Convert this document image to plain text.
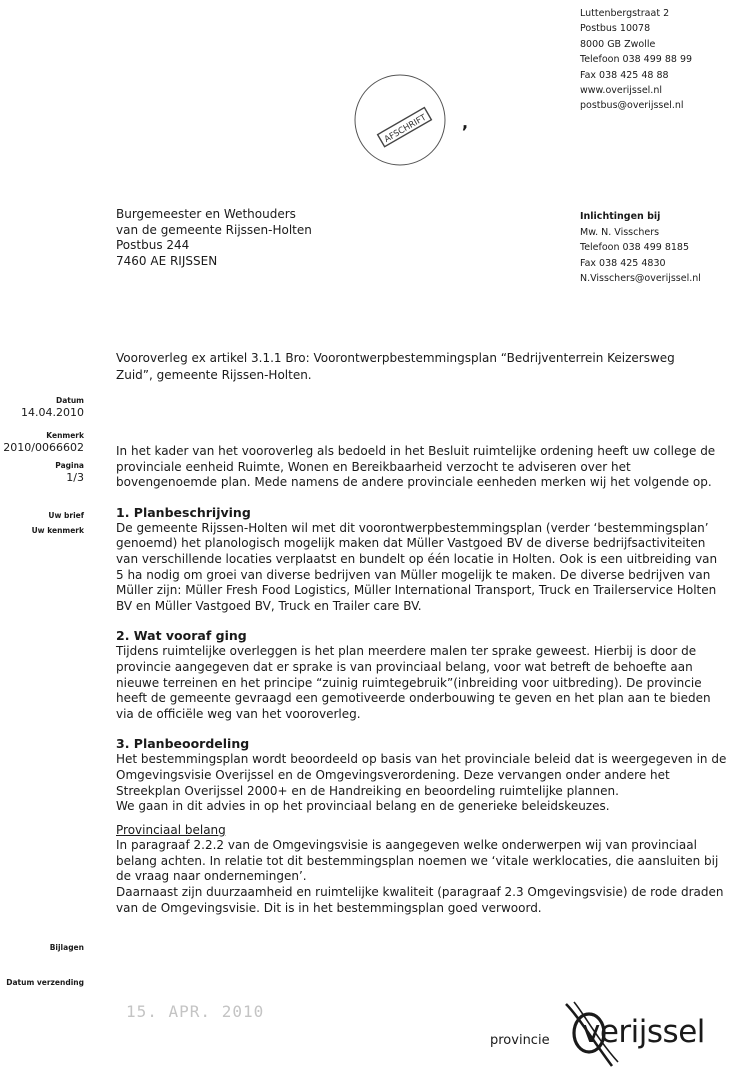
Luttenbergstraat 2
Postbus 10078
8000 GB Zwolle
Telefoon 038 499 88 99
Fax 038 425 48 88
www.overijssel.nl
postbus@overijssel.nl
AFSCHRIFT ,
Burgemeester en Wethouders
van de gemeente Rijssen-Holten
Postbus 244
7460 AE RIJSSEN
Inlichtingen bij
Mw. N. Visschers
Telefoon 038 499 8185
Fax 038 425 4830
N.Visschers@overijssel.nl
Vooroverleg ex artikel 3.1.1 Bro: Voorontwerpbestemmingsplan “Bedrijventerrein Keizersweg
Zuid”, gemeente Rijssen-Holten.
Datum
14.04.2010
Kenmerk
2010/0066602
Pagina
1/3
Uw brief
Uw kenmerk
Bijlagen
Datum verzending

In het kader van het vooroverleg als bedoeld in het Besluit ruimtelijke ordening heeft uw college de provinciale eenheid Ruimte, Wonen en Bereikbaarheid verzocht te adviseren over het bovengenoemde plan. Mede namens de andere provinciale eenheden merken wij het volgende op.

1. Planbeschrijving

De gemeente Rijssen-Holten wil met dit voorontwerpbestemmingsplan (verder ‘bestemmingsplan’ genoemd) het planologisch mogelijk maken dat Müller Vastgoed BV de diverse bedrijfsactiviteiten van verschillende locaties verplaatst en bundelt op één locatie in Holten. Ook is een uitbreiding van 5 ha nodig om groei van diverse bedrijven van Müller mogelijk te maken. De diverse bedrijven van Müller zijn: Müller Fresh Food Logistics, Müller International Transport, Truck en Trailerservice Holten BV en Müller Vastgoed BV, Truck en Trailer care BV.

2. Wat vooraf ging

Tijdens ruimtelijke overleggen is het plan meerdere malen ter sprake geweest. Hierbij is door de provincie aangegeven dat er sprake is van provinciaal belang, voor wat betreft de behoefte aan nieuwe terreinen en het principe “zuinig ruimtegebruik”(inbreiding voor uitbreding). De provincie heeft de gemeente gevraagd een gemotiveerde onderbouwing te geven en het plan aan te bieden via de officiële weg van het vooroverleg.

3. Planbeoordeling

Het bestemmingsplan wordt beoordeeld op basis van het provinciale beleid dat is weergegeven in de Omgevingsvisie Overijssel en de Omgevingsverordening. Deze vervangen onder andere het Streekplan Overijssel 2000+ en de Handreiking en beoordeling ruimtelijke plannen.

We gaan in dit advies in op het provinciaal belang en de generieke beleidskeuzes.

Provinciaal belang

In paragraaf 2.2.2 van de Omgevingsvisie is aangegeven welke onderwerpen wij van provinciaal belang achten. In relatie tot dit bestemmingsplan noemen we ‘vitale werklocaties, die aansluiten bij de vraag naar ondernemingen’.

Daarnaast zijn duurzaamheid en ruimtelijke kwaliteit (paragraaf 2.3 Omgevingsvisie) de rode draden van de Omgevingsvisie. Dit is in het bestemmingsplan goed verwoord.

15. APR. 2010
provincie verijssel
